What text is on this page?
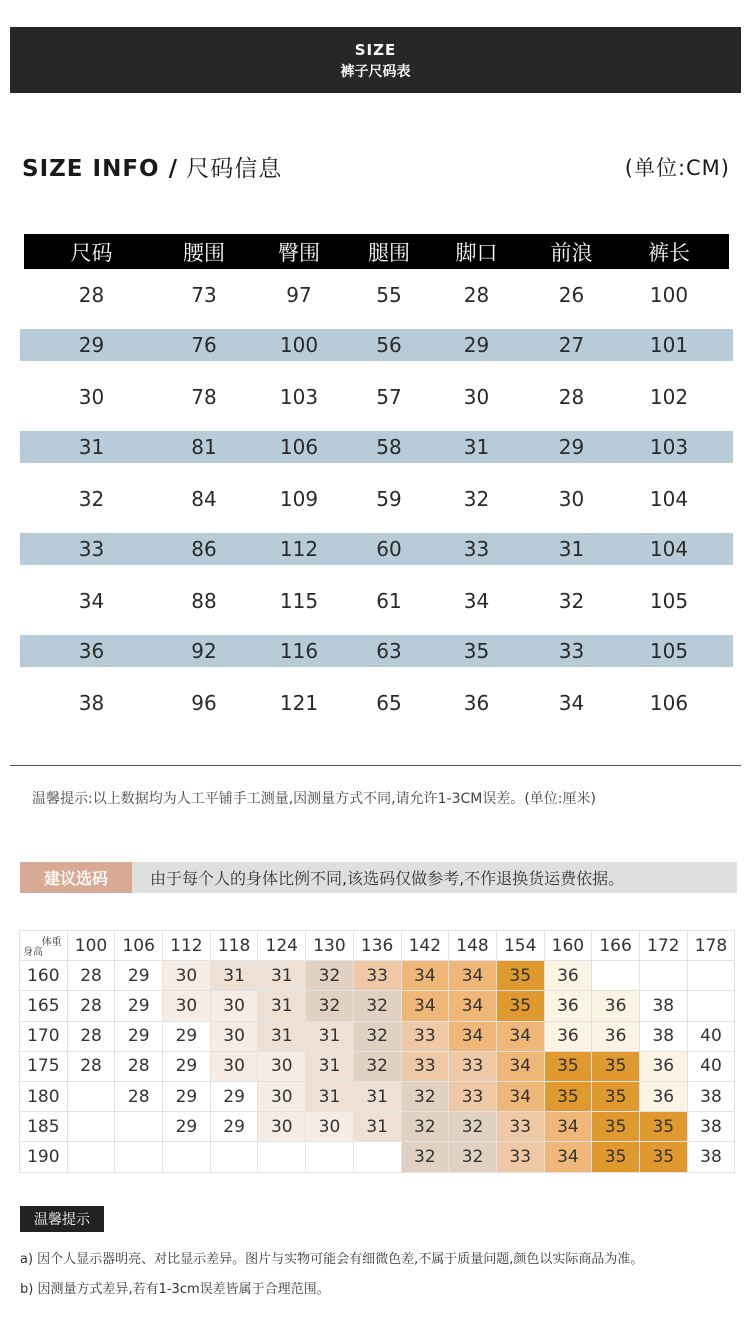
SIZE
裤子尺码表
SIZE INFO / 尺码信息	(单位:CM)
尺码	腰围	臀围	腿围	脚口	前浪	裤长
28	73	97	55	28	26	100
29	76	100	56	29	27	101
30	78	103	57	30	28	102
31	81	106	58	31	29	103
32	84	109	59	32	30	104
33	86	112	60	33	31	104
34	88	115	61	34	32	105
36	92	116	63	35	33	105
38	96	121	65	36	34	106
温馨提示:以上数据均为人工平铺手工测量,因测量方式不同,请允许1-3CM误差。(单位:厘米)
建议选码	由于每个人的身体比例不同,该选码仅做参考,不作退换货运费依据。
体重
身高	100	106	112	118	124	130	136	142	148	154	160	166	172	178
160	28	29	30	31	31	32	33	34	34	35	36			
165	28	29	30	30	31	32	32	34	34	35	36	36	38	
170	28	29	29	30	31	31	32	33	34	34	36	36	38	40
175	28	28	29	30	30	31	32	33	33	34	35	35	36	40
180		28	29	29	30	31	31	32	33	34	35	35	36	38
185			29	29	30	30	31	32	32	33	34	35	35	38
190								32	32	33	34	35	35	38
温馨提示
a) 因个人显示器明亮、对比显示差异。图片与实物可能会有细微色差,不属于质量问题,颜色以实际商品为准。
b) 因测量方式差异,若有1-3cm误差皆属于合理范围。
